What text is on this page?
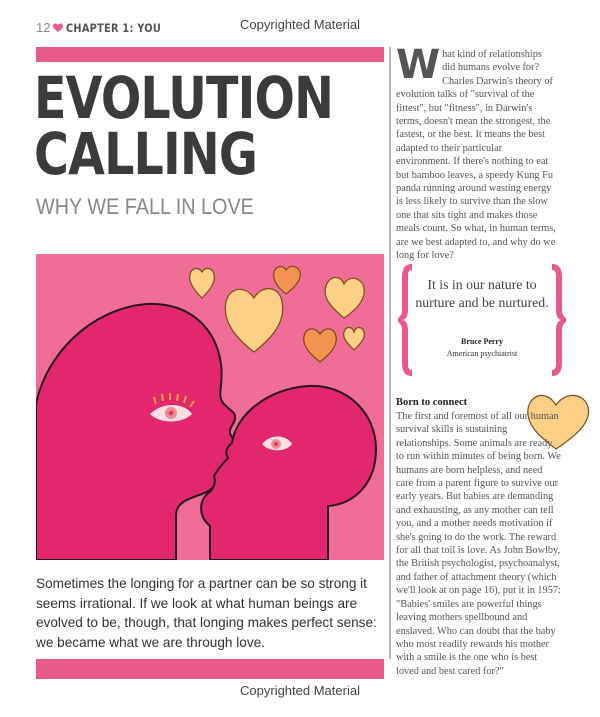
Copyrighted Material
12 CHAPTER 1: YOU
EVOLUTION
CALLING
WHY WE FALL IN LOVE
Sometimes the longing for a partner can be so strong it seems irrational. If we look at what human beings are evolved to be, though, that longing makes perfect sense: we became what we are through love.
W hat kind of relationships did humans evolve for? Charles Darwin's theory of evolution talks of "survival of the fittest", but "fitness", in Darwin's terms, doesn't mean the strongest, the fastest, or the best. It means the best adapted to their particular environment. If there's nothing to eat but bamboo leaves, a speedy Kung Fu panda running around wasting energy is less likely to survive than the slow one that sits tight and makes those meals count. So what, in human terms, are we best adapted to, and why do we long for love?
It is in our nature to nurture and be nurtured.
Bruce Perry
American psychiatrist
Born to connect
The first and foremost of all our human survival skills is sustaining relationships. Some animals are ready to run within minutes of being born. We humans are born helpless, and need care from a parent figure to survive our early years. But babies are demanding and exhausting, as any mother can tell you, and a mother needs motivation if she's going to do the work. The reward for all that toil is love. As John Bowlby, the British psychologist, psychoanalyst, and father of attachment theory (which we'll look at on page 16), put it in 1957: "Babies' smiles are powerful things leaving mothers spellbound and enslaved. Who can doubt that the baby who most readily rewards his mother with a smile is the one who is best loved and best cared for?"
Copyrighted Material
